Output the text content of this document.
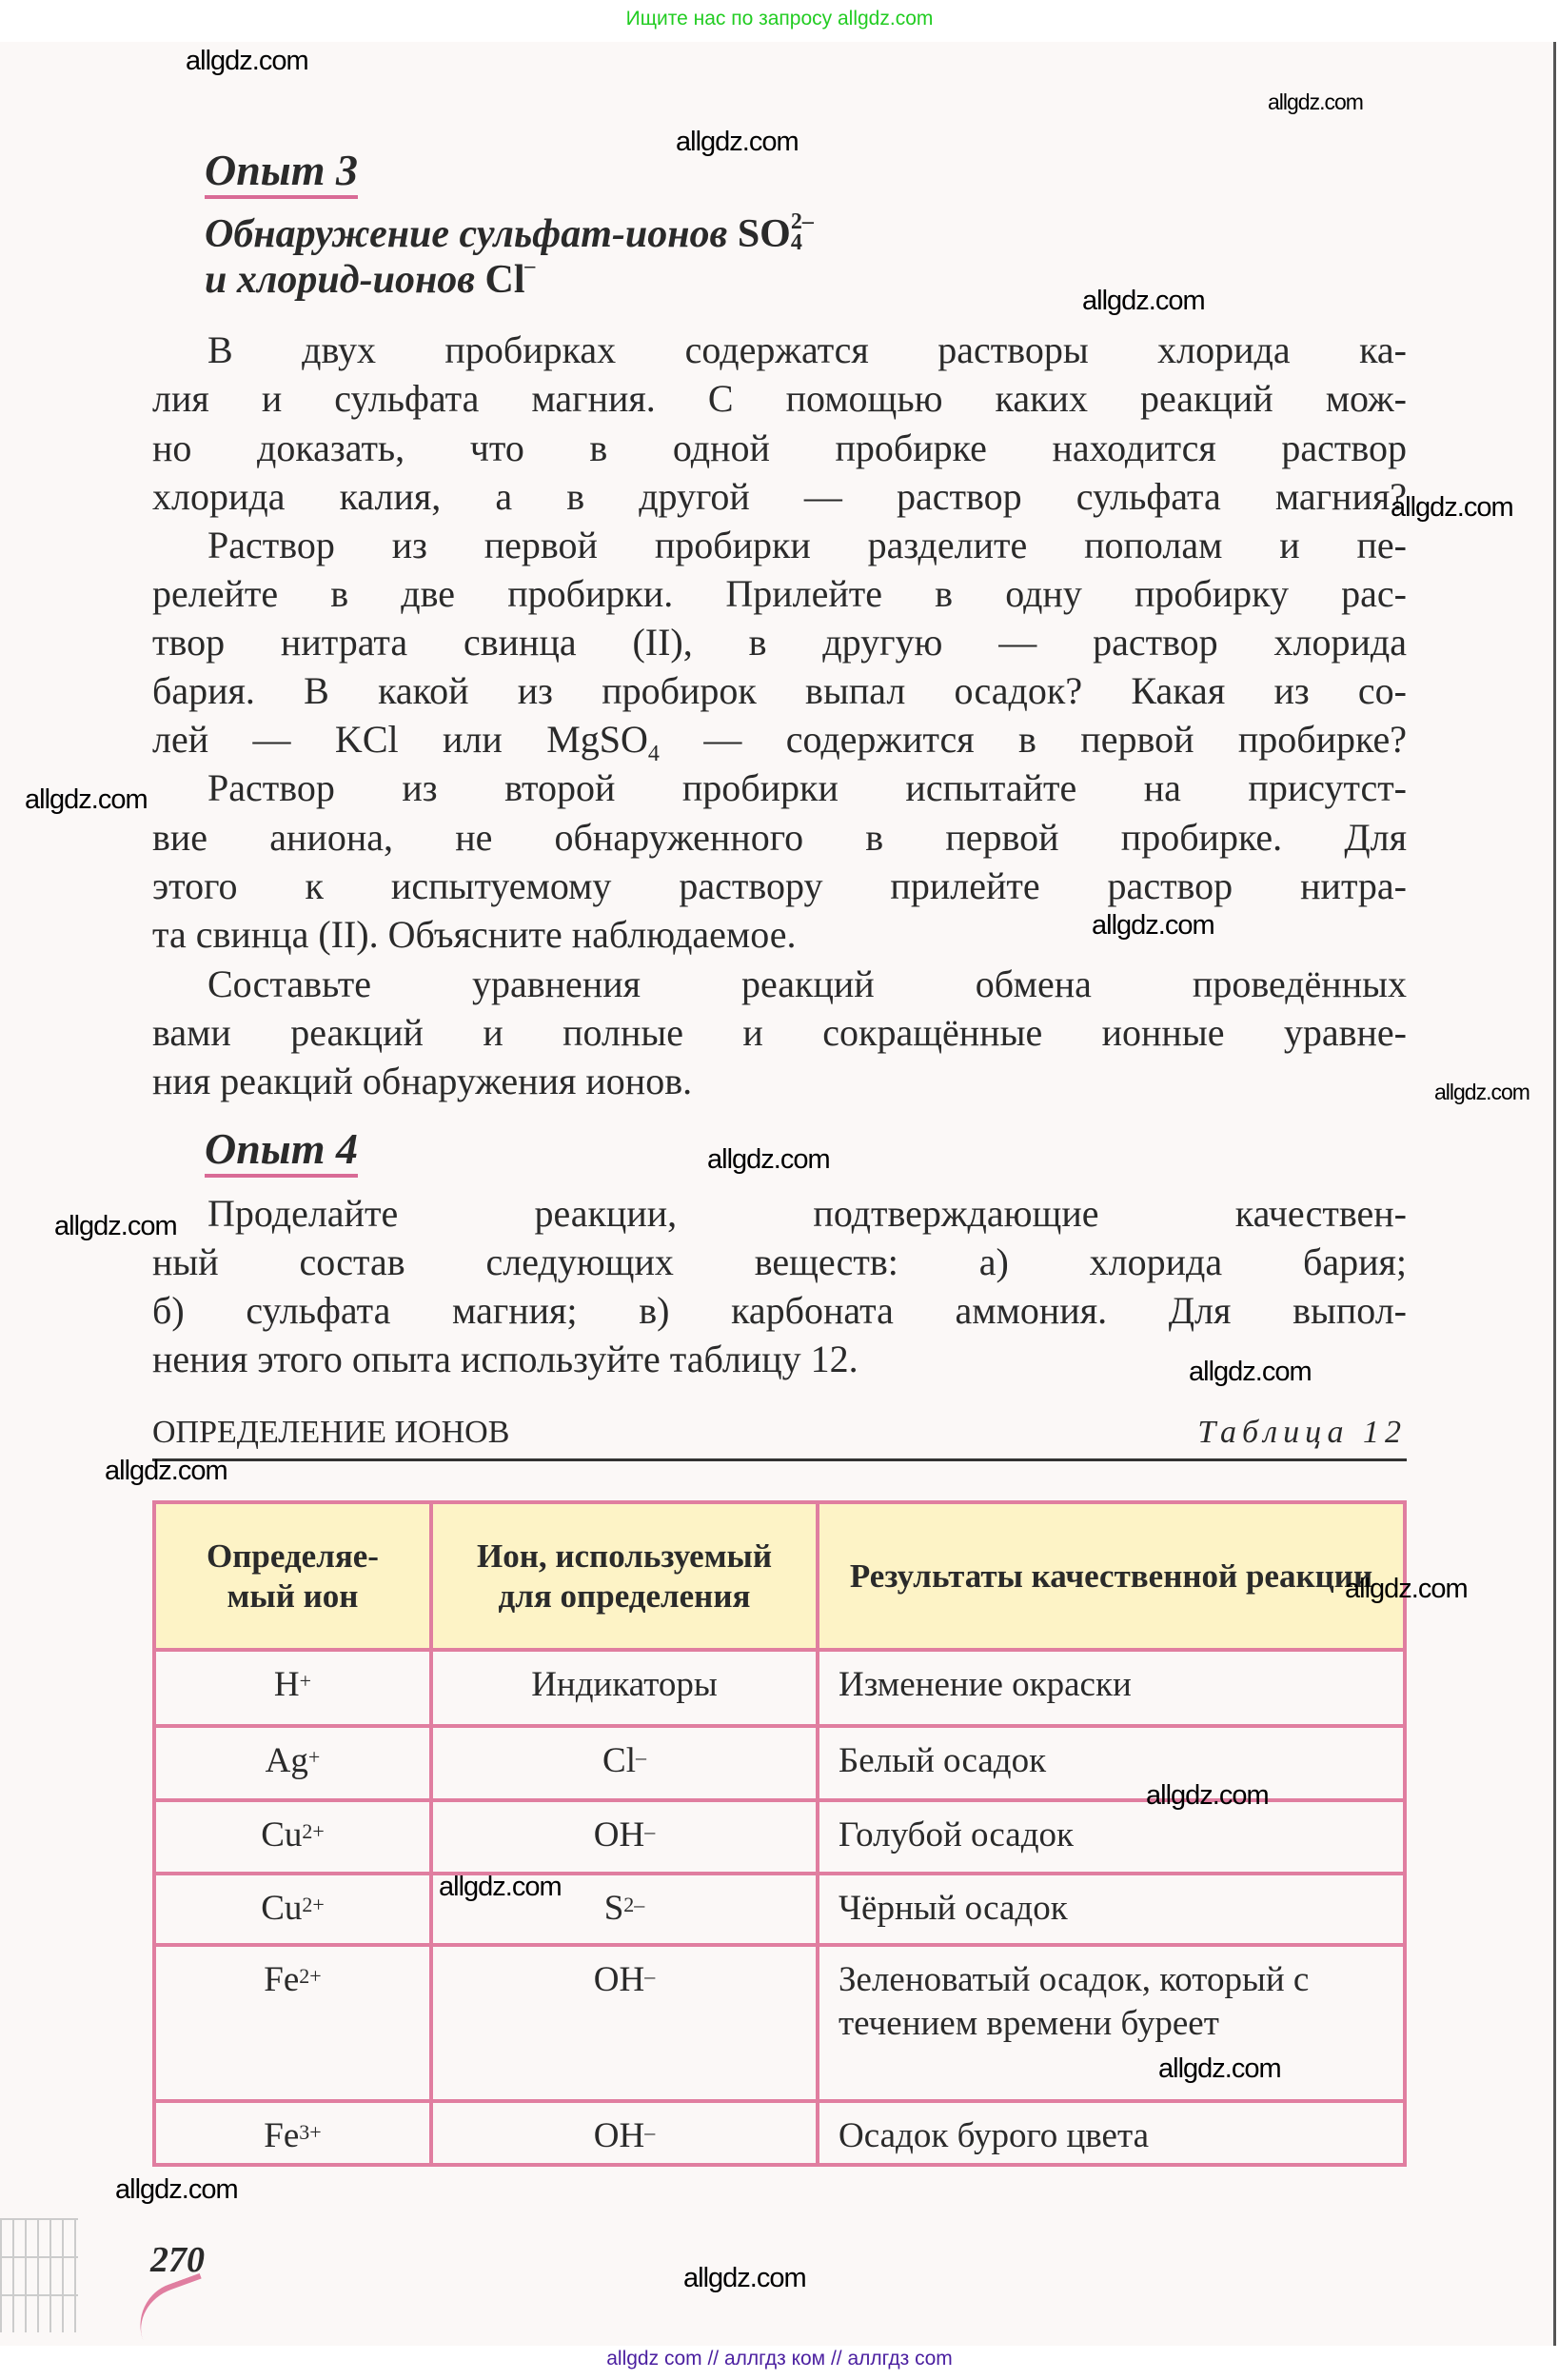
Ищите нас по запросу allgdz.com
Опыт 3
Обнаружение сульфат-ионов SO2–
4
и хлорид-ионов Cl–
В двух пробирках содержатся растворы хлорида ка-
лия и сульфата магния. С помощью каких реакций мож-
но доказать, что в одной пробирке находится раствор
хлорида калия, а в другой — раствор сульфата магния?
Раствор из первой пробирки разделите пополам и пе-
релейте в две пробирки. Прилейте в одну пробирку рас-
твор нитрата свинца (II), в другую — раствор хлорида
бария. В какой из пробирок выпал осадок? Какая из со-
лей — KCl или MgSO$_4$ — содержится в первой пробирке?
Раствор из второй пробирки испытайте на присутст-
вие аниона, не обнаруженного в первой пробирке. Для
этого к испытуемому раствору прилейте раствор нитра-
та свинца (II). Объясните наблюдаемое.
Составьте уравнения реакций обмена проведённых
вами реакций и полные и сокращённые ионные уравне-
ния реакций обнаружения ионов.
Опыт 4
Проделайте реакции, подтверждающие качествен-
ный состав следующих веществ: а) хлорида бария;
б) сульфата магния; в) карбоната аммония. Для выпол-
нения этого опыта используйте таблицу 12.
ОПРЕДЕЛЕНИЕ ИОНОВ	Таблица 12
Определяе-мый ион	Ион, используемый для определения	Результаты качественной реакции
H+	Индикаторы	Изменение окраски
Ag+	Cl–	Белый осадок
$Cu^{2+}$	OH–	Голубой осадок
$Cu^{2+}$	$S^{2-}$	Чёрный осадок
$Fe^{2+}$	OH–	Зеленоватый осадок, который с течением времени буреет
$Fe^{3+}$	OH–	Осадок бурого цвета
270
allgdz.com
allgdz.com
allgdz.com
allgdz.com
allgdz.com
allgdz.com
allgdz.com
allgdz.com
allgdz.com
allgdz.com
allgdz.com
allgdz.com
allgdz.com
allgdz.com
allgdz.com
allgdz.com
allgdz.com
allgdz.com
allgdz com // аллгдз ком // аллгдз com
